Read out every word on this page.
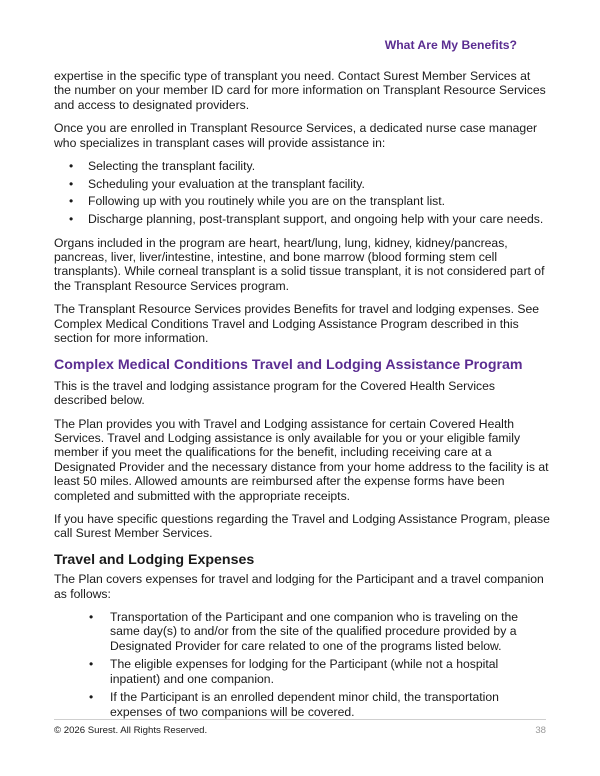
What Are My Benefits?

expertise in the specific type of transplant you need. Contact Surest Member Services at the number on your member ID card for more information on Transplant Resource Services and access to designated providers.

Once you are enrolled in Transplant Resource Services, a dedicated nurse case manager who specializes in transplant cases will provide assistance in:

• Selecting the transplant facility.
• Scheduling your evaluation at the transplant facility.
• Following up with you routinely while you are on the transplant list.
• Discharge planning, post-transplant support, and ongoing help with your care needs.

Organs included in the program are heart, heart/lung, lung, kidney, kidney/pancreas, pancreas, liver, liver/intestine, intestine, and bone marrow (blood forming stem cell transplants). While corneal transplant is a solid tissue transplant, it is not considered part of the Transplant Resource Services program.

The Transplant Resource Services provides Benefits for travel and lodging expenses. See Complex Medical Conditions Travel and Lodging Assistance Program described in this section for more information.

Complex Medical Conditions Travel and Lodging Assistance Program

This is the travel and lodging assistance program for the Covered Health Services described below.

The Plan provides you with Travel and Lodging assistance for certain Covered Health Services. Travel and Lodging assistance is only available for you or your eligible family member if you meet the qualifications for the benefit, including receiving care at a Designated Provider and the necessary distance from your home address to the facility is at least 50 miles. Allowed amounts are reimbursed after the expense forms have been completed and submitted with the appropriate receipts.

If you have specific questions regarding the Travel and Lodging Assistance Program, please call Surest Member Services.

Travel and Lodging Expenses

The Plan covers expenses for travel and lodging for the Participant and a travel companion as follows:

• Transportation of the Participant and one companion who is traveling on the same day(s) to and/or from the site of the qualified procedure provided by a Designated Provider for care related to one of the programs listed below.
• The eligible expenses for lodging for the Participant (while not a hospital inpatient) and one companion.
• If the Participant is an enrolled dependent minor child, the transportation expenses of two companions will be covered.
© 2026 Surest. All Rights Reserved.	38
